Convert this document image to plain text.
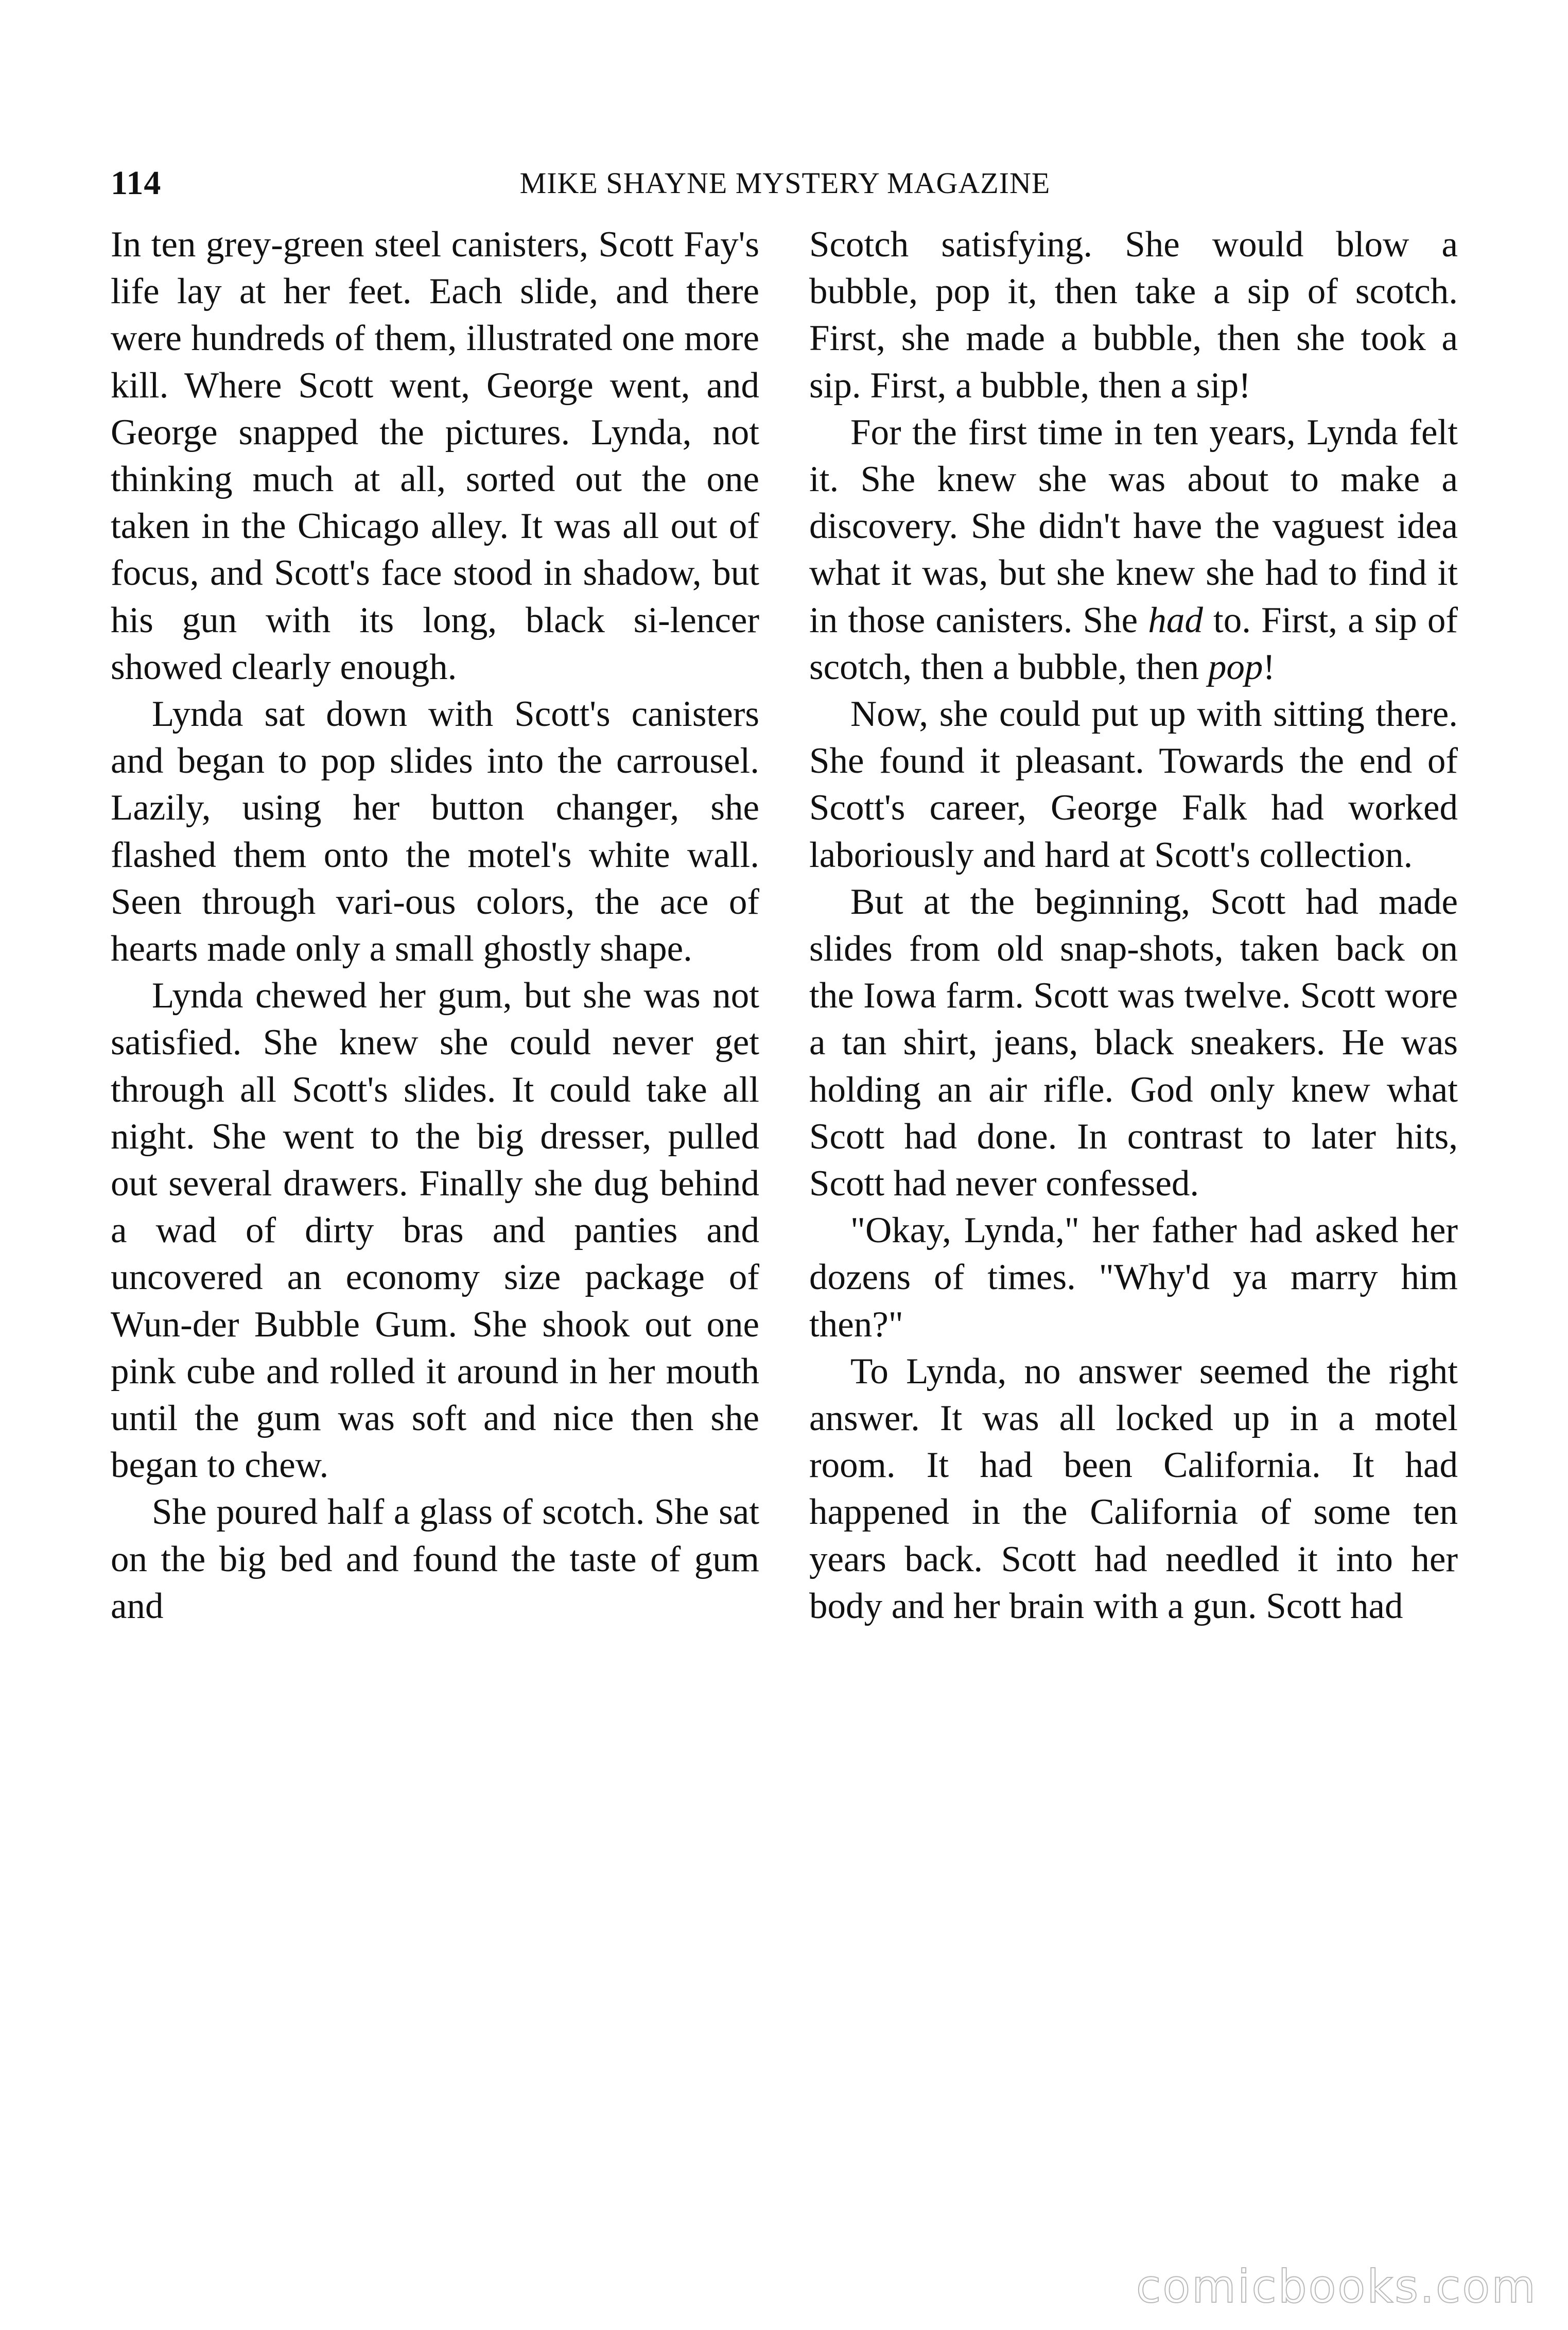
114	MIKE SHAYNE MYSTERY MAGAZINE

In ten grey-green steel canisters, Scott Fay's life lay at her feet. Each slide, and there were hundreds of them, illustrated one more kill. Where Scott went, George went, and George snapped the pictures. Lynda, not thinking much at all, sorted out the one taken in the Chicago alley. It was all out of focus, and Scott's face stood in shadow, but his gun with its long, black si-lencer showed clearly enough.

Lynda sat down with Scott's canisters and began to pop slides into the carrousel. Lazily, using her button changer, she flashed them onto the motel's white wall. Seen through vari-ous colors, the ace of hearts made only a small ghostly shape.

Lynda chewed her gum, but she was not satisfied. She knew she could never get through all Scott's slides. It could take all night. She went to the big dresser, pulled out several drawers. Finally she dug behind a wad of dirty bras and panties and uncovered an economy size package of Wun-der Bubble Gum. She shook out one pink cube and rolled it around in her mouth until the gum was soft and nice then she began to chew.

She poured half a glass of scotch. She sat on the big bed and found the taste of gum and

Scotch satisfying. She would blow a bubble, pop it, then take a sip of scotch. First, she made a bubble, then she took a sip. First, a bubble, then a sip!

For the first time in ten years, Lynda felt it. She knew she was about to make a discovery. She didn't have the vaguest idea what it was, but she knew she had to find it in those canisters. She had to. First, a sip of scotch, then a bubble, then pop!

Now, she could put up with sitting there. She found it pleasant. Towards the end of Scott's career, George Falk had worked laboriously and hard at Scott's collection.

But at the beginning, Scott had made slides from old snap-shots, taken back on the Iowa farm. Scott was twelve. Scott wore a tan shirt, jeans, black sneakers. He was holding an air rifle. God only knew what Scott had done. In contrast to later hits, Scott had never confessed.

"Okay, Lynda," her father had asked her dozens of times. "Why'd ya marry him then?"

To Lynda, no answer seemed the right answer. It was all locked up in a motel room. It had been California. It had happened in the California of some ten years back. Scott had needled it into her body and her brain with a gun. Scott had

comicbooks.com
